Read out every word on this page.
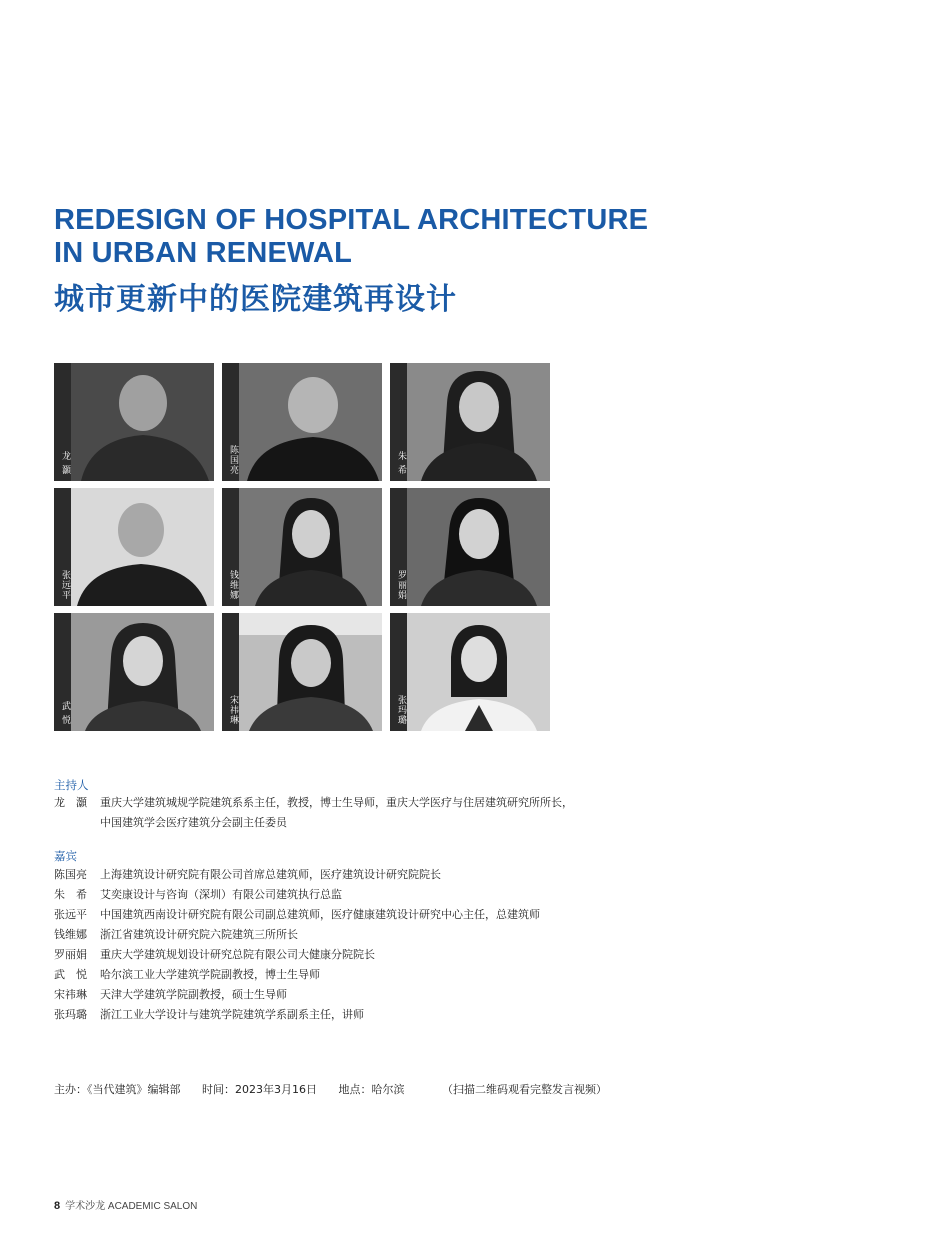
REDESIGN OF HOSPITAL ARCHITECTURE
IN URBAN RENEWAL
城市更新中的医院建筑再设计
龙 灝	陈国亮	朱 希
张远平	钱维娜	罗丽娟
武 悦	宋祎琳	张玛璐
主持人
龙　灝 重庆大学建筑城规学院建筑系系主任，教授，博士生导师，重庆大学医疗与住居建筑研究所所长，
中国建筑学会医疗建筑分会副主任委员
嘉宾
陈国亮 上海建筑设计研究院有限公司首席总建筑师，医疗建筑设计研究院院长
朱　希 艾奕康设计与咨询（深圳）有限公司建筑执行总监
张远平 中国建筑西南设计研究院有限公司副总建筑师，医疗健康建筑设计研究中心主任，总建筑师
钱维娜 浙江省建筑设计研究院六院建筑三所所长
罗丽娟 重庆大学建筑规划设计研究总院有限公司大健康分院院长
武　悦 哈尔滨工业大学建筑学院副教授，博士生导师
宋祎琳 天津大学建筑学院副教授，硕士生导师
张玛璐 浙江工业大学设计与建筑学院建筑学系副系主任，讲师
主办：《当代建筑》编辑部 时间：2023年3月16日 地点：哈尔滨	（扫描二维码观看完整发言视频）
8 学术沙龙 ACADEMIC SALON
